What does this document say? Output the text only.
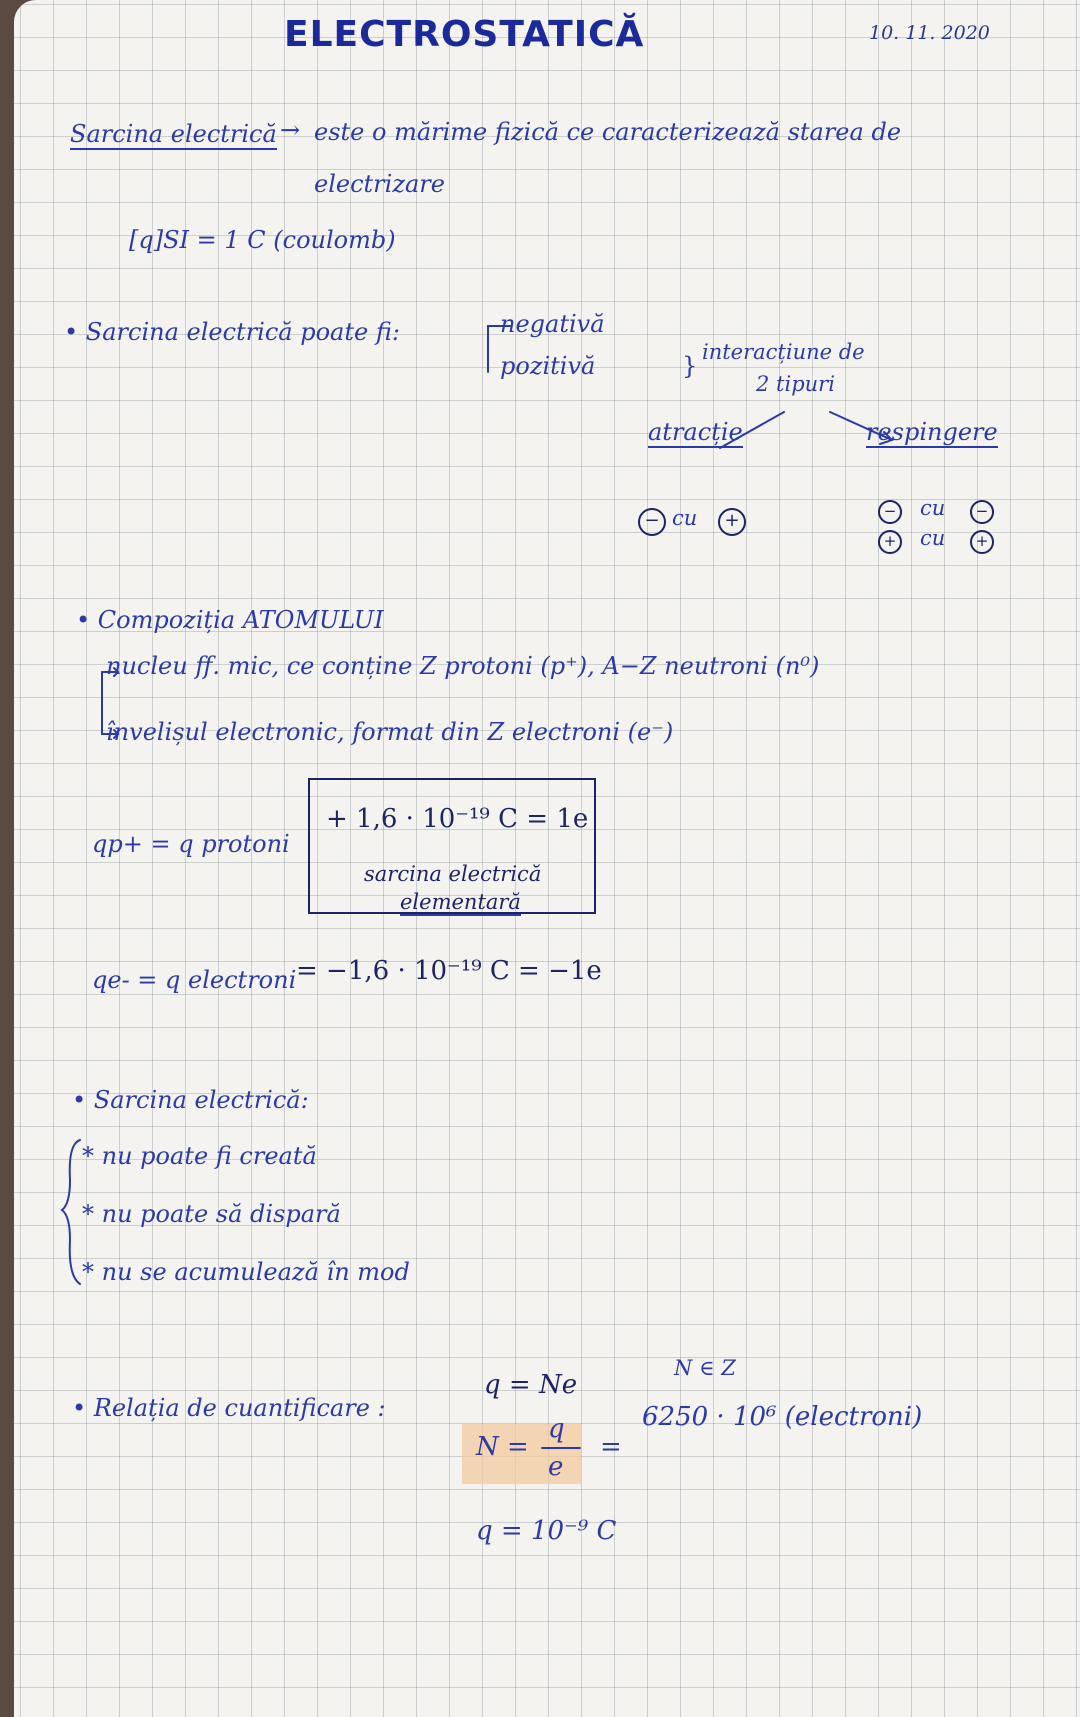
ELECTROSTATICĂ	10. 11. 2020
Sarcina electrică → este o mărime fizică ce caracterizează starea de
electrizare
[q]SI = 1 C (coulomb)
• Sarcina electrică poate fi:	negativă
pozitivă	} interacțiune de
2 tipuri
atracție	respingere
− cu	+	− cu	−
+ cu	+
• Compoziția ATOMULUI
nucleu ff. mic, ce conține Z protoni (p⁺), A−Z neutroni (n⁰)
învelișul electronic, format din Z electroni (e⁻)
qp+ = q protoni
+ 1,6 · 10⁻¹⁹ C = 1e
sarcina electrică
elementară
qe- = q electroni = −1,6 · 10⁻¹⁹ C = −1e
• Sarcina electrică:
* nu poate fi creată
* nu poate să dispară
* nu se acumulează în mod
• Relația de cuantificare :
q = Ne
N ∈ Z
N =
q
e
=
6250 · 10⁶ (electroni)
q = 10⁻⁹ C
